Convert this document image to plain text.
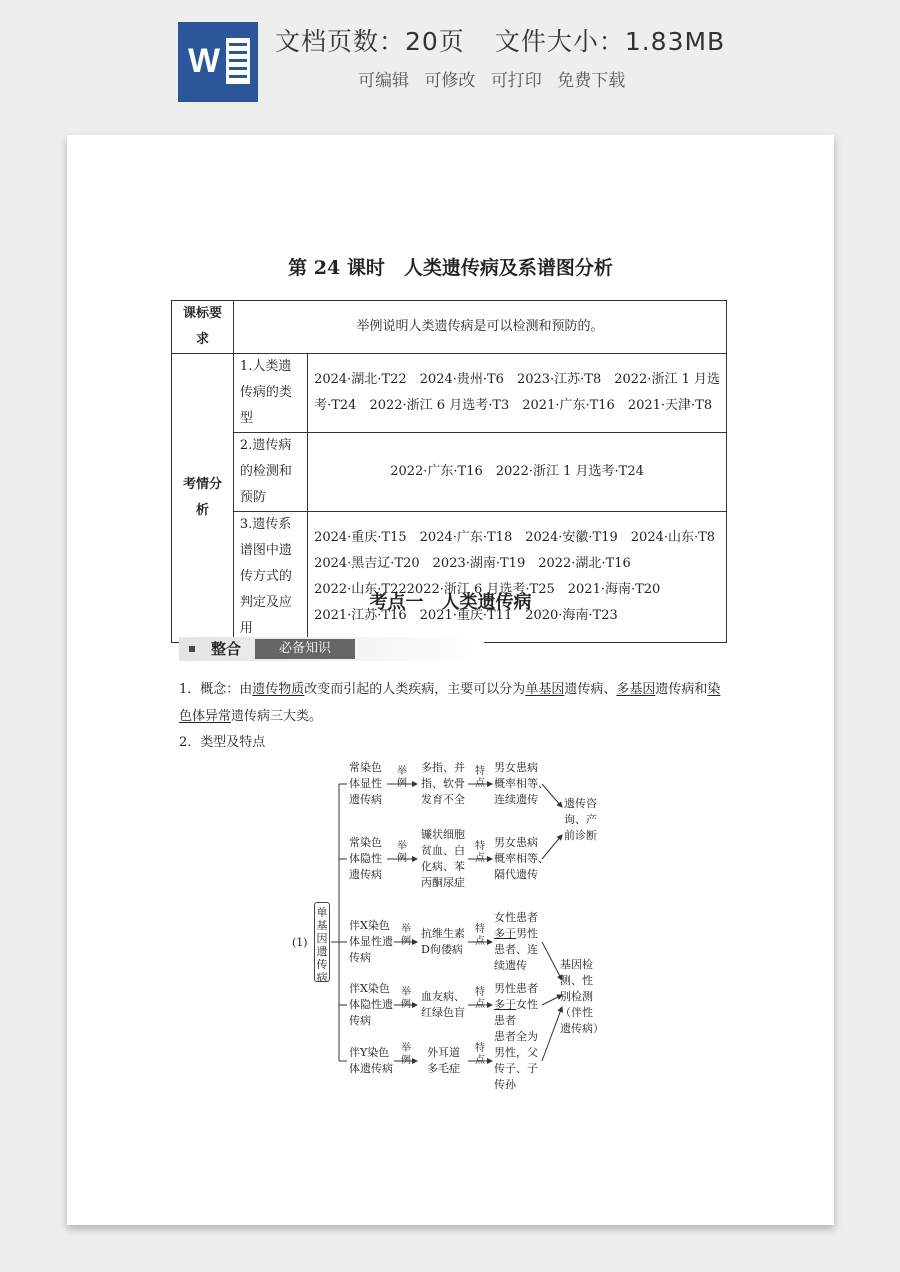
W
文档页数：20页 文件大小：1.83MB
可编辑 可修改 可打印 免费下载
第 24 课时　人类遗传病及系谱图分析
课标要求	举例说明人类遗传病是可以检测和预防的。	
考情分析	1.人类遗传病的类型	2024·湖北·T22　2024·贵州·T6　2023·江苏·T8　2022·浙江 1 月选
考·T24　2022·浙江 6 月选考·T3　2021·广东·T16　2021·天津·T8

	2.遗传病的检测和预防	2022·广东·T16　2022·浙江 1 月选考·T24

	3.遗传系谱图中遗传方式的判定及应用	2024·重庆·T15　2024·广东·T18　2024·安徽·T19　2024·山东·T8
2024·黑吉辽·T20　2023·湖南·T19　2022·湖北·T16
2022·山东·T222022·浙江 6 月选考·T25　2021·海南·T20
2021·江苏·T16　2021·重庆·T11　2020·海南·T23
考点一　人类遗传病
整合	必备知识
1．概念：由遗传物质改变而引起的人类疾病，主要可以分为单基因遗传病、多基因遗传病和染色体异常遗传病三大类。
2．类型及特点
(1)
单基因遗传病
常染色
体显性
遗传病
举例
多指、并
指、软骨
发育不全
特点
男女患病
概率相等、
连续遗传	遗传咨
询、产
前诊断
常染色
体隐性
遗传病
举例
镰状细胞
贫血、白
化病、苯
丙酮尿症
特点
男女患病
概率相等、
隔代遗传
伴X染色
体显性遗
传病
举例
抗维生素
D佝偻病
特点
女性患者
多于男性
患者、连
续遗传	基因检
测、性
别检测
（伴性
遗传病）
伴X染色
体隐性遗
传病
举例
血友病、
红绿色盲
特点
男性患者
多于女性
患者
伴Y染色
体遗传病
举例
外耳道
多毛症
特点
患者全为
男性，父
传子、子
传孙
